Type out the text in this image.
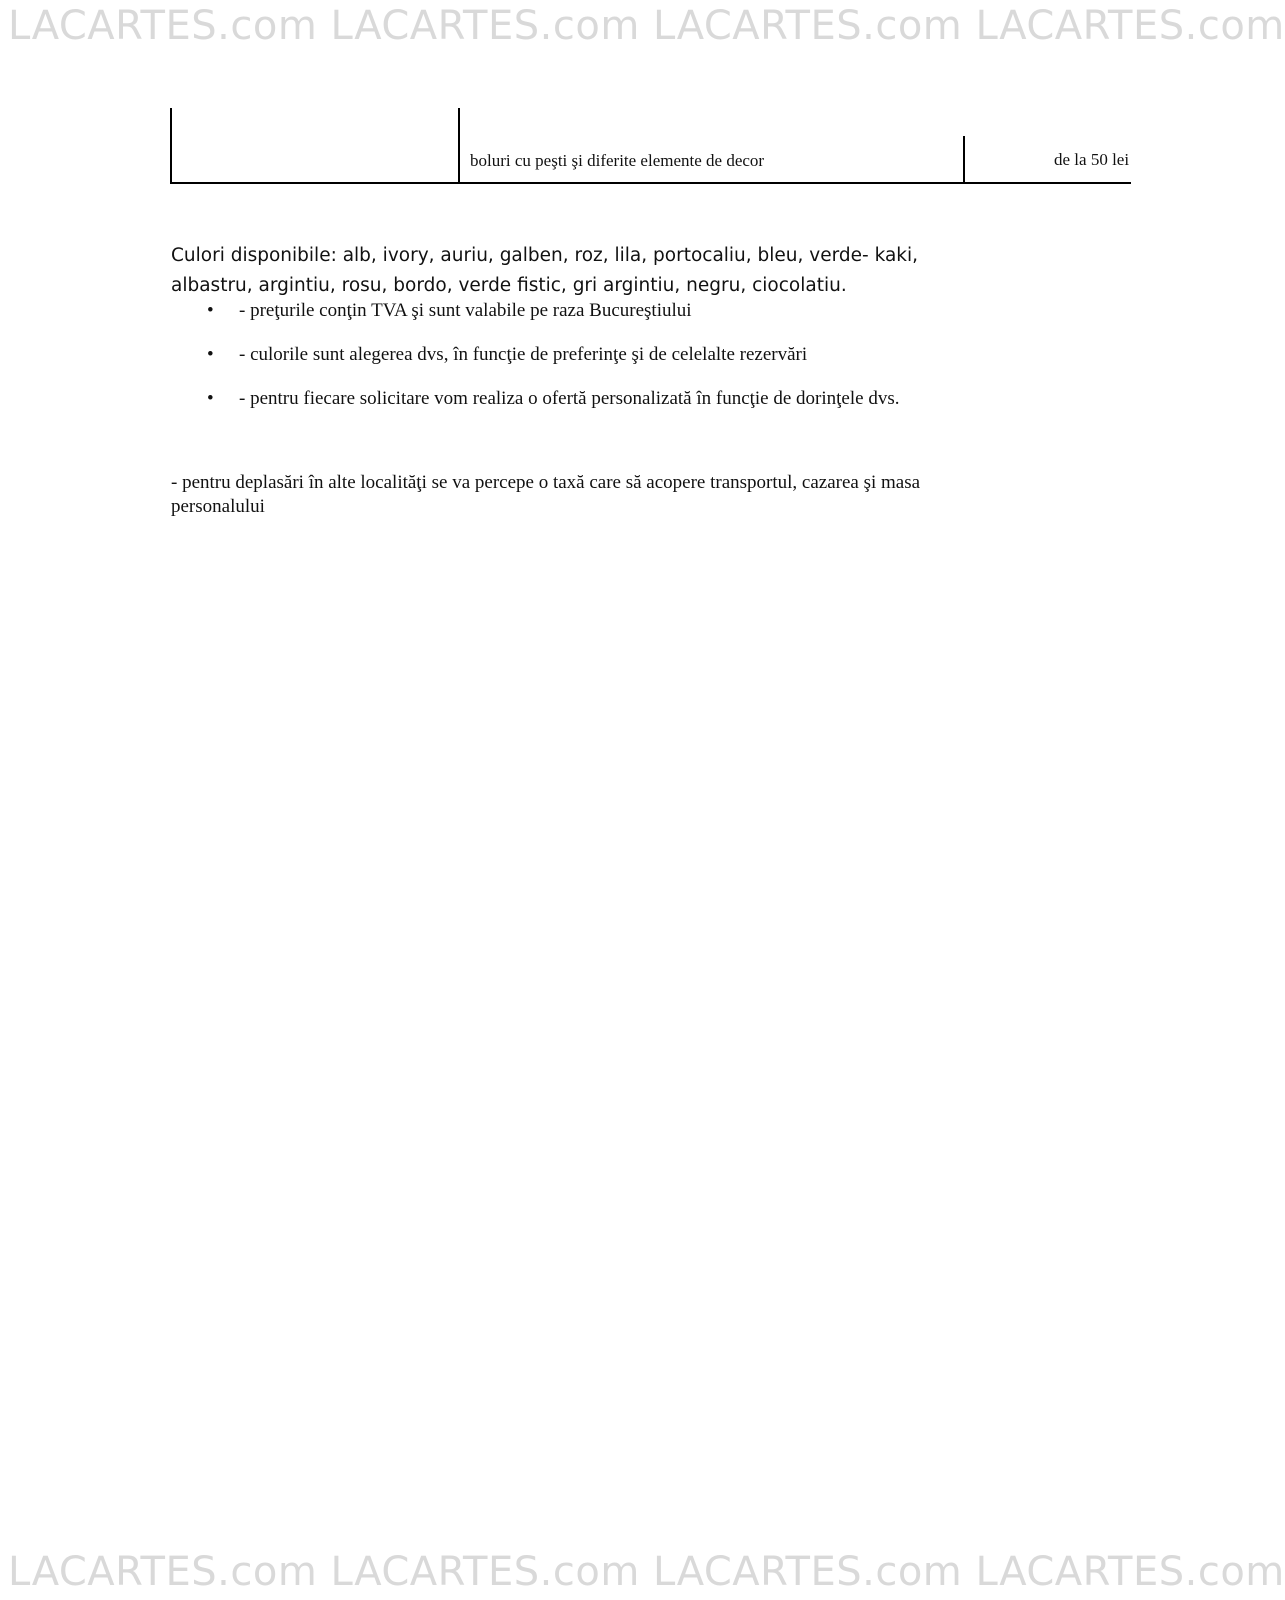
LACARTES.com LACARTES.com LACARTES.com LACARTES.com
boluri cu peşti şi diferite elemente de decor	de la 50 lei

Culori disponibile: alb, ivory, auriu, galben, roz, lila, portocaliu, bleu, verde- kaki, albastru, argintiu, rosu, bordo, verde fistic, gri argintiu, negru, ciocolatiu.

• - preţurile conţin TVA şi sunt valabile pe raza Bucureştiului
• - culorile sunt alegerea dvs, în funcţie de preferinţe şi de celelalte rezervări
• - pentru fiecare solicitare vom realiza o ofertă personalizată în funcţie de dorinţele dvs.

- pentru deplasări în alte localităţi se va percepe o taxă care să acopere transportul, cazarea şi masa personalului

LACARTES.com LACARTES.com LACARTES.com LACARTES.com
